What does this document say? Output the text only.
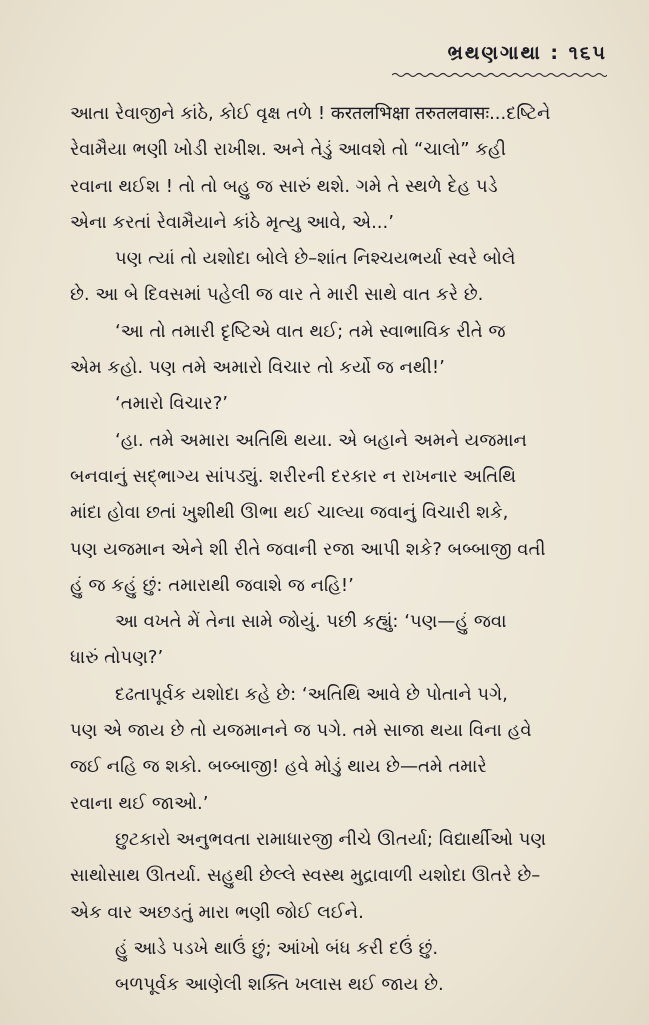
ભ્રથણગાથા : ૧૬૫
આતા રેવાજીને કાંઠે, કોઈ વૃક્ષ તળે ! करतलभिक्षा तरुतलवासः...દષ્ટિને
રેવામૈયા ભણી ખોડી રાખીશ. અને તેડું આવશે તો “ચાલો” કહી
રવાના થઈશ ! તો તો બહુ જ સારું થશે. ગમે તે સ્થળે દેહ પડે
એના કરતાં રેવામૈયાને કાંઠે મૃત્યુ આવે, એ...’
પણ ત્યાં તો યશોદા બોલે છે–શાંત નિશ્ચયભર્યા સ્વરે બોલે
છે. આ બે દિવસમાં પહેલી જ વાર તે મારી સાથે વાત કરે છે.
‘આ તો તમારી દૃષ્ટિએ વાત થઈ; તમે સ્વાભાવિક રીતે જ
એમ કહો. પણ તમે અમારો વિચાર તો કર્યો જ નથી!’
‘તમારો વિચાર?’
‘હા. તમે અમારા અતિથિ થયા. એ બહાને અમને યજમાન
બનવાનું સદ્ભાગ્ય સાંપડ્યું. શરીરની દરકાર ન રાખનાર અતિથિ
માંદા હોવા છતાં ખુશીથી ઊભા થઈ ચાલ્યા જવાનું વિચારી શકે,
પણ યજમાન એને શી રીતે જવાની રજા આપી શકે? બબ્બાજી વતી
હું જ કહું છું: તમારાથી જવાશે જ નહિ!’
આ વખતે મેં તેના સામે જોયું. પછી કહ્યું: ‘પણ—હું જવા
ધારું તોપણ?’
દઢતાપૂર્વક યશોદા કહે છે: ‘અતિથિ આવે છે પોતાને પગે,
પણ એ જાય છે તો યજમાનને જ પગે. તમે સાજા થયા વિના હવે
જઈ નહિ જ શકો. બબ્બાજી! હવે મોડું થાય છે—તમે તમારે
રવાના થઈ જાઓ.’
છુટકારો અનુભવતા રામાધારજી નીચે ઊતર્યા; વિદ્યાર્થીઓ પણ
સાથોસાથ ઊતર્યા. સહુથી છેલ્લે સ્વસ્થ મુદ્રાવાળી યશોદા ઊતરે છે–
એક વાર અછડતું મારા ભણી જોઈ લઈને.
હું આડે પડખે થાઉં છું; આંખો બંધ કરી દઉં છું.
બળપૂર્વક આણેલી શક્તિ ખલાસ થઈ જાય છે.
